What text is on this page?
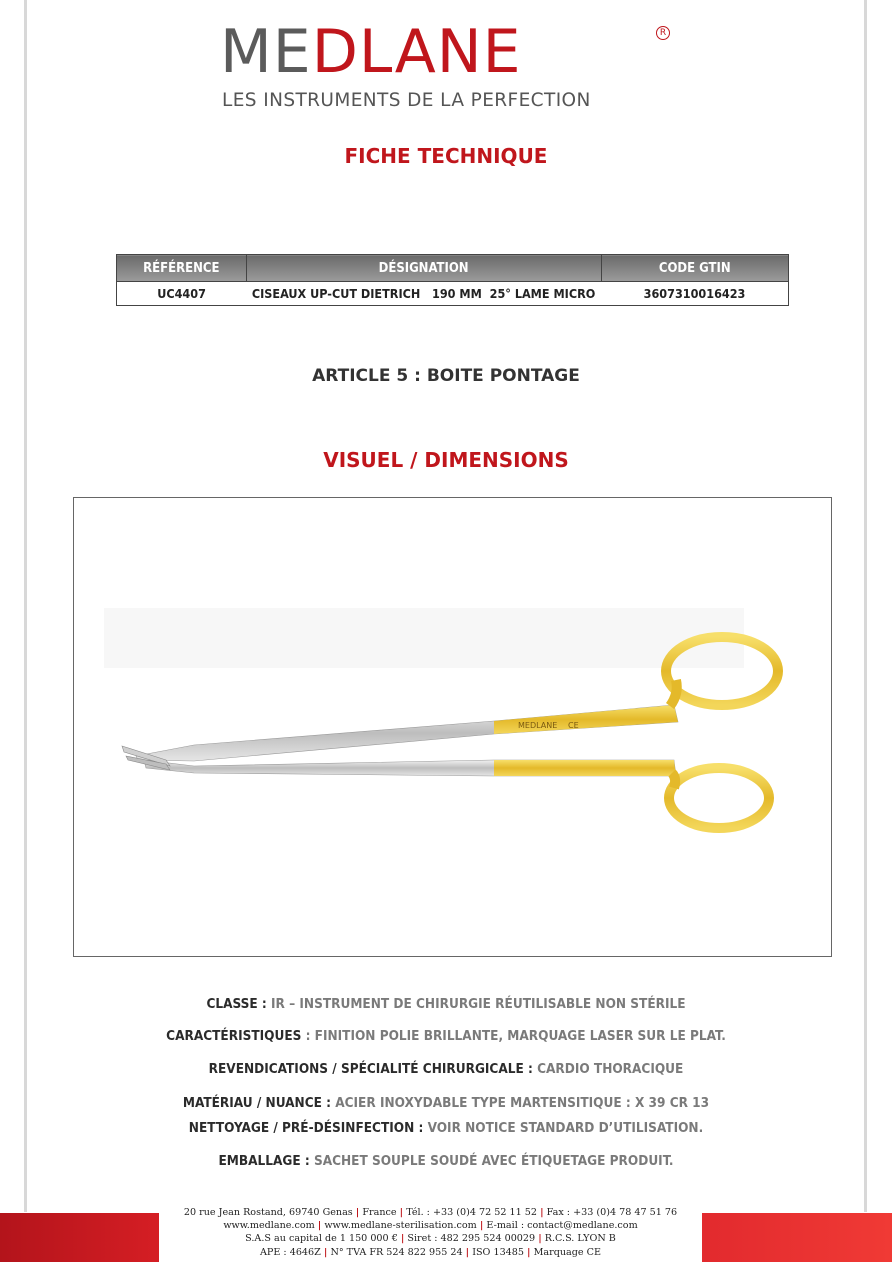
MEDLANE	R
LES INSTRUMENTS DE LA PERFECTION
FICHE TECHNIQUE
RÉFÉRENCE	DÉSIGNATION	CODE GTIN
UC4407	CISEAUX UP-CUT DIETRICH   190 MM  25° LAME MICRO	3607310016423
ARTICLE 5 : BOITE PONTAGE
VISUEL / DIMENSIONS
MEDLANE CE
CLASSE : IR – INSTRUMENT DE CHIRURGIE RÉUTILISABLE NON STÉRILE
CARACTÉRISTIQUES : FINITION POLIE BRILLANTE, MARQUAGE LASER SUR LE PLAT.
REVENDICATIONS / SPÉCIALITÉ CHIRURGICALE : CARDIO THORACIQUE
MATÉRIAU / NUANCE : ACIER INOXYDABLE TYPE MARTENSITIQUE : X 39 CR 13
NETTOYAGE / PRÉ-DÉSINFECTION : VOIR NOTICE STANDARD D’UTILISATION.
EMBALLAGE : SACHET SOUPLE SOUDÉ AVEC ÉTIQUETAGE PRODUIT.
20 rue Jean Rostand, 69740 Genas | France | Tél. : +33 (0)4 72 52 11 52 | Fax : +33 (0)4 78 47 51 76
www.medlane.com | www.medlane-sterilisation.com | E-mail : contact@medlane.com
S.A.S au capital de 1 150 000 € | Siret : 482 295 524 00029 | R.C.S. LYON B
APE : 4646Z | N° TVA FR 524 822 955 24 | ISO 13485 | Marquage CE
